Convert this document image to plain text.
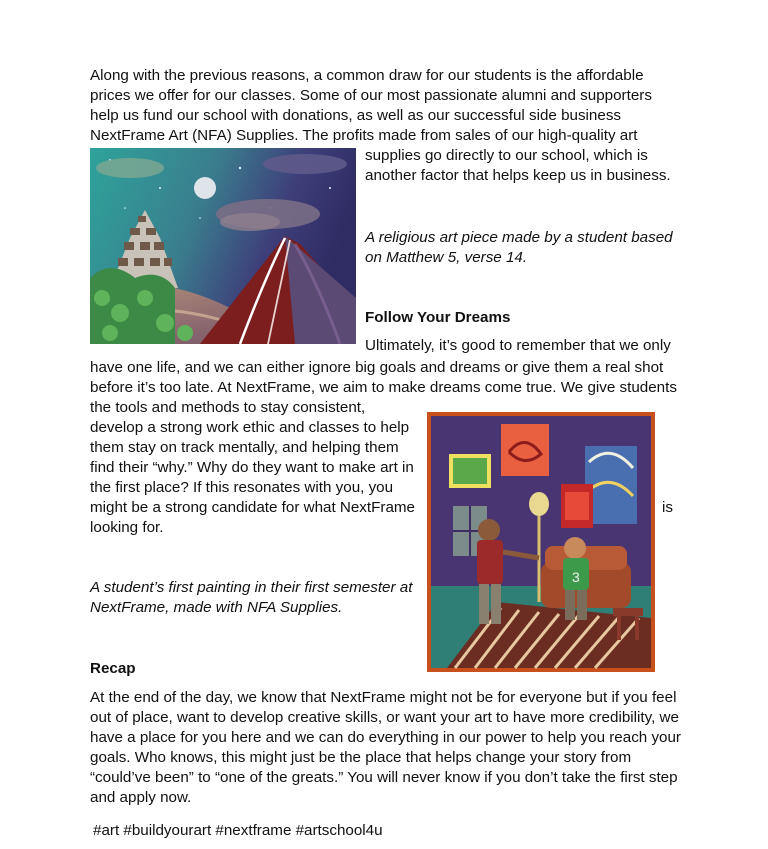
Along with the previous reasons, a common draw for our students is the affordable
prices we offer for our classes. Some of our most passionate alumni and supporters
help us fund our school with donations, as well as our successful side business
NextFrame Art (NFA) Supplies. The profits made from sales of our high-quality art
supplies go directly to our school, which is
another factor that helps keep us in business.
A religious art piece made by a student based
on Matthew 5, verse 14.
Follow Your Dreams
Ultimately, it’s good to remember that we only
have one life, and we can either ignore big goals and dreams or give them a real shot
before it’s too late. At NextFrame, we aim to make dreams come true. We give students
the tools and methods to stay consistent,
develop a strong work ethic and classes to help
them stay on track mentally, and helping them
find their “why.” Why do they want to make art in
the first place? If this resonates with you, you
might be a strong candidate for what NextFrame	is
looking for.
3
A student’s first painting in their first semester at
NextFrame, made with NFA Supplies.
Recap
At the end of the day, we know that NextFrame might not be for everyone but if you feel
out of place, want to develop creative skills, or want your art to have more credibility, we
have a place for you here and we can do everything in our power to help you reach your
goals. Who knows, this might just be the place that helps change your story from
“could’ve been” to “one of the greats.” You will never know if you don’t take the first step
and apply now.
#art #buildyourart #nextframe #artschool4u
